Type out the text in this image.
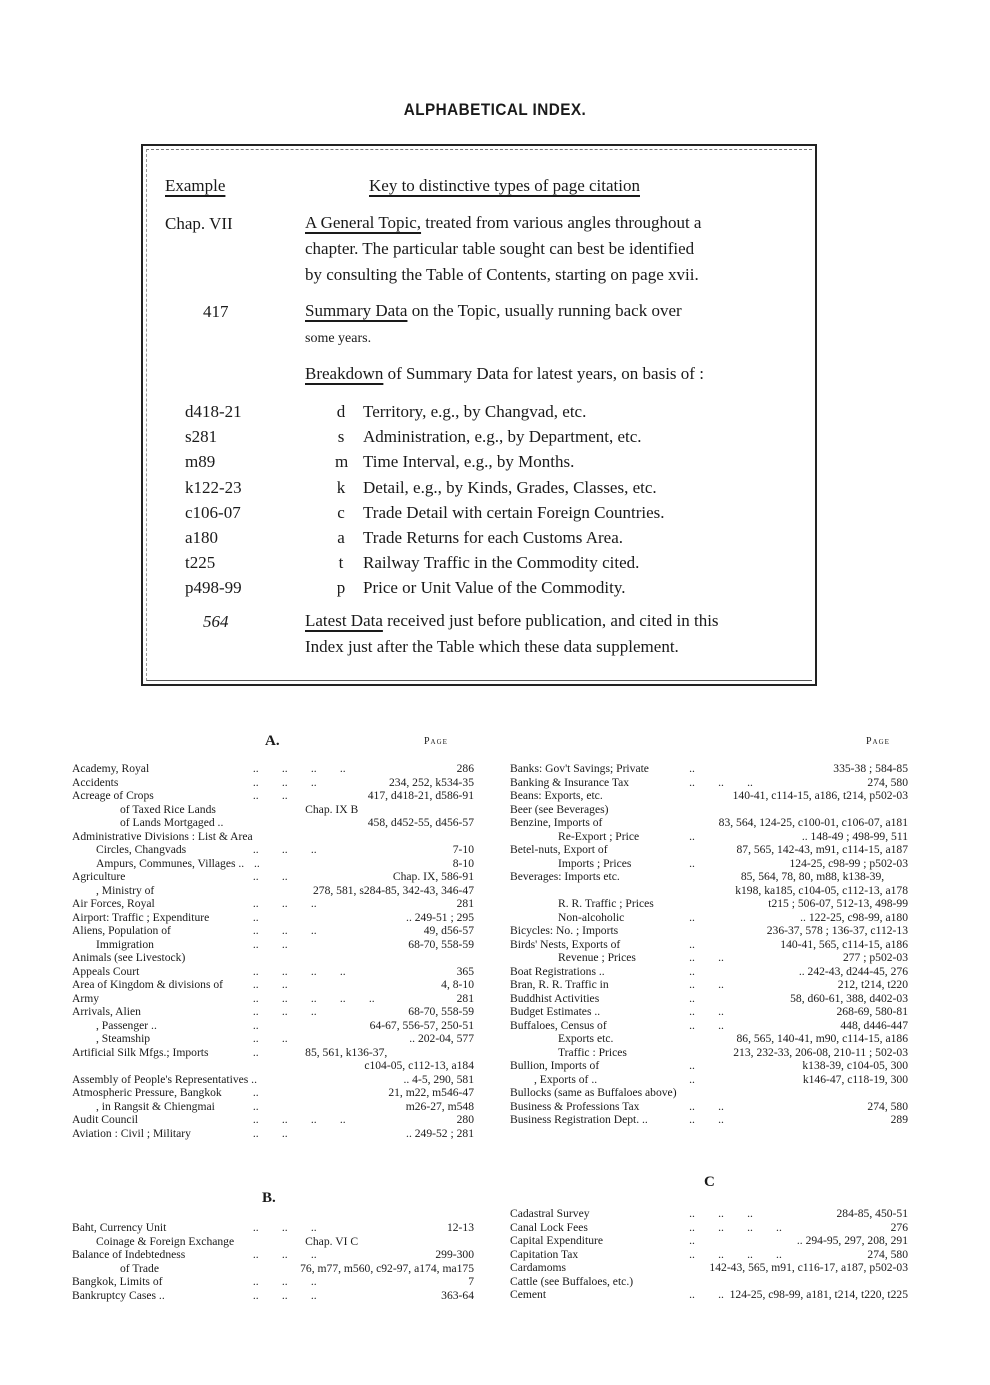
ALPHABETICAL INDEX.
Example	Key to distinctive types of page citation
Chap. VII	A General Topic, treated from various angles throughout a
chapter. The particular table sought can best be identified
by consulting the Table of Contents, starting on page xvii.
417	Summary Data on the Topic, usually running back over
some years.
Breakdown of Summary Data for latest years, on basis of :
d418-21	d Territory, e.g., by Changvad, etc.
s281	s Administration, e.g., by Department, etc.
m89	m Time Interval, e.g., by Months.
k122-23	k Detail, e.g., by Kinds, Grades, Classes, etc.
c106-07	c Trade Detail with certain Foreign Countries.
a180	a Trade Returns for each Customs Area.
t225	t Railway Traffic in the Commodity cited.
p498-99	p Price or Unit Value of the Commodity.
564	Latest Data received just before publication, and cited in this
Index just after the Table which these data supplement.
A.	Page	Page
Academy, Royal	..  ..  ..  ..	286
Accidents	..  ..  ..	234, 252, k534-35
Acreage of Crops	..  ..	417, d418-21, d586-91
of Taxed Rice Lands	Chap. IX B
of Lands Mortgaged ..	458, d452-55, d456-57
Administrative Divisions : List & Area
Circles, Changvads	..  ..  ..	7-10
Ampurs, Communes, Villages .. ..	8-10
Agriculture	..  ..	Chap. IX, 586-91
, Ministry of	278, 581, s284-85, 342-43, 346-47
Air Forces, Royal	..  ..  ..	281
Airport: Traffic ; Expenditure	..	.. 249-51 ; 295
Aliens, Population of	..  ..  ..	49, d56-57
Immigration	..  ..	68-70, 558-59
Animals (see Livestock)
Appeals Court	..  ..  ..  ..	365
Area of Kingdom & divisions of	..  ..	4, 8-10
Army	..  ..  ..  ..  ..	281
Arrivals, Alien	..  ..  ..	68-70, 558-59
, Passenger ..	..	64-67, 556-57, 250-51
, Steamship	..  ..	.. 202-04, 577
Artificial Silk Mfgs.; Imports	..	85, 561, k136-37,
c104-05, c112-13, a184
Assembly of People's Representatives ..	.. 4-5, 290, 581
Atmospheric Pressure, Bangkok	..	21, m22, m546-47
, in Rangsit & Chiengmai	..	m26-27, m548
Audit Council	..  ..  ..  ..	280
Aviation : Civil ; Military	..  ..	.. 249-52 ; 281
B.
Baht, Currency Unit	..  ..  ..	12-13
Coinage & Foreign Exchange	Chap. VI C
Balance of Indebtedness	..  ..  ..	299-300
of Trade	76, m77, m560, c92-97, a174, ma175
Bangkok, Limits of	..  ..  ..	7
Bankruptcy Cases ..	..  ..  ..	363-64
Banks: Gov't Savings; Private	..	335-38 ; 584-85
Banking & Insurance Tax	..  ..  ..	274, 580
Beans: Exports, etc.	140-41, c114-15, a186, t214, p502-03
Beer (see Beverages)
Benzine, Imports of	83, 564, 124-25, c100-01, c106-07, a181
Re-Export ; Price	..	.. 148-49 ; 498-99, 511
Betel-nuts, Export of	87, 565, 142-43, m91, c114-15, a187
Imports ; Prices	..	124-25, c98-99 ; p502-03
Beverages: Imports etc.	85, 564, 78, 80, m88, k138-39,
k198, ka185, c104-05, c112-13, a178
R. R. Traffic ; Prices	t215 ; 506-07, 512-13, 498-99
Non-alcoholic	..	.. 122-25, c98-99, a180
Bicycles: No. ; Imports	236-37, 578 ; 136-37, c112-13
Birds' Nests, Exports of	..	140-41, 565, c114-15, a186
Revenue ; Prices	..  ..	277 ; p502-03
Boat Registrations ..	..	.. 242-43, d244-45, 276
Bran, R. R. Traffic in	..  ..	212, t214, t220
Buddhist Activities	..	58, d60-61, 388, d402-03
Budget Estimates ..	..  ..	268-69, 580-81
Buffaloes, Census of	..  ..	448, d446-447
Exports etc.	86, 565, 140-41, m90, c114-15, a186
Traffic : Prices	213, 232-33, 206-08, 210-11 ; 502-03
Bullion, Imports of	..	k138-39, c104-05, 300
, Exports of ..	..	k146-47, c118-19, 300
Bullocks (same as Buffaloes above)
Business & Professions Tax	..  ..	274, 580
Business Registration Dept. ..	..  ..	289
C
Cadastral Survey	..  ..  ..	284-85, 450-51
Canal Lock Fees	..  ..  ..  ..	276
Capital Expenditure	..	.. 294-95, 297, 208, 291
Capitation Tax	..  ..  ..  ..	274, 580
Cardamoms	142-43, 565, m91, c116-17, a187, p502-03
Cattle (see Buffaloes, etc.)
Cement	..  .. 124-25, c98-99, a181, t214, t220, t225
